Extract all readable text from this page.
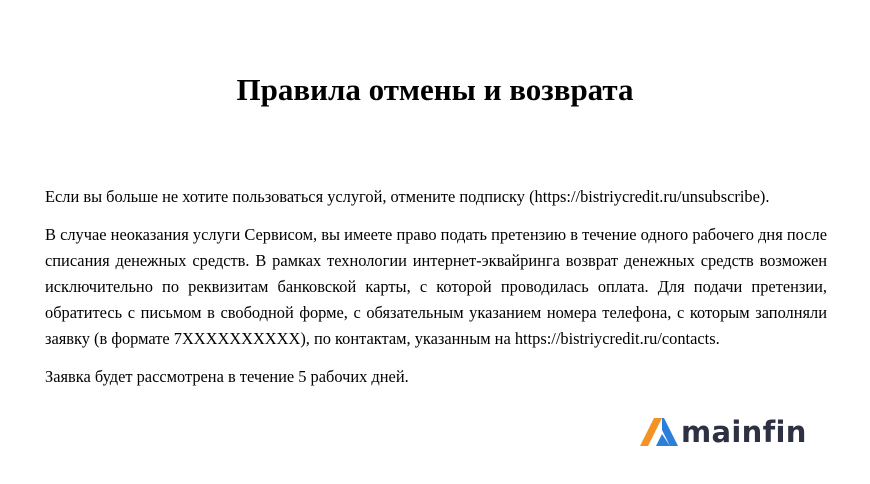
Правила отмены и возврата

Если вы больше не хотите пользоваться услугой, отмените подписку (https://bistriycredit.ru/unsubscribe).

В случае неоказания услуги Сервисом, вы имеете право подать претензию в течение одного рабочего дня после списания денежных средств. В рамках технологии интернет-эквайринга возврат денежных средств возможен исключительно по реквизитам банковской карты, с которой проводилась оплата. Для подачи претензии, обратитесь с письмом в свободной форме, с обязательным указанием номера телефона, с которым заполняли заявку (в формате 7XXXXXXXXXX), по контактам, указанным на https://bistriycredit.ru/contacts.

Заявка будет рассмотрена в течение 5 рабочих дней.

mainfin
